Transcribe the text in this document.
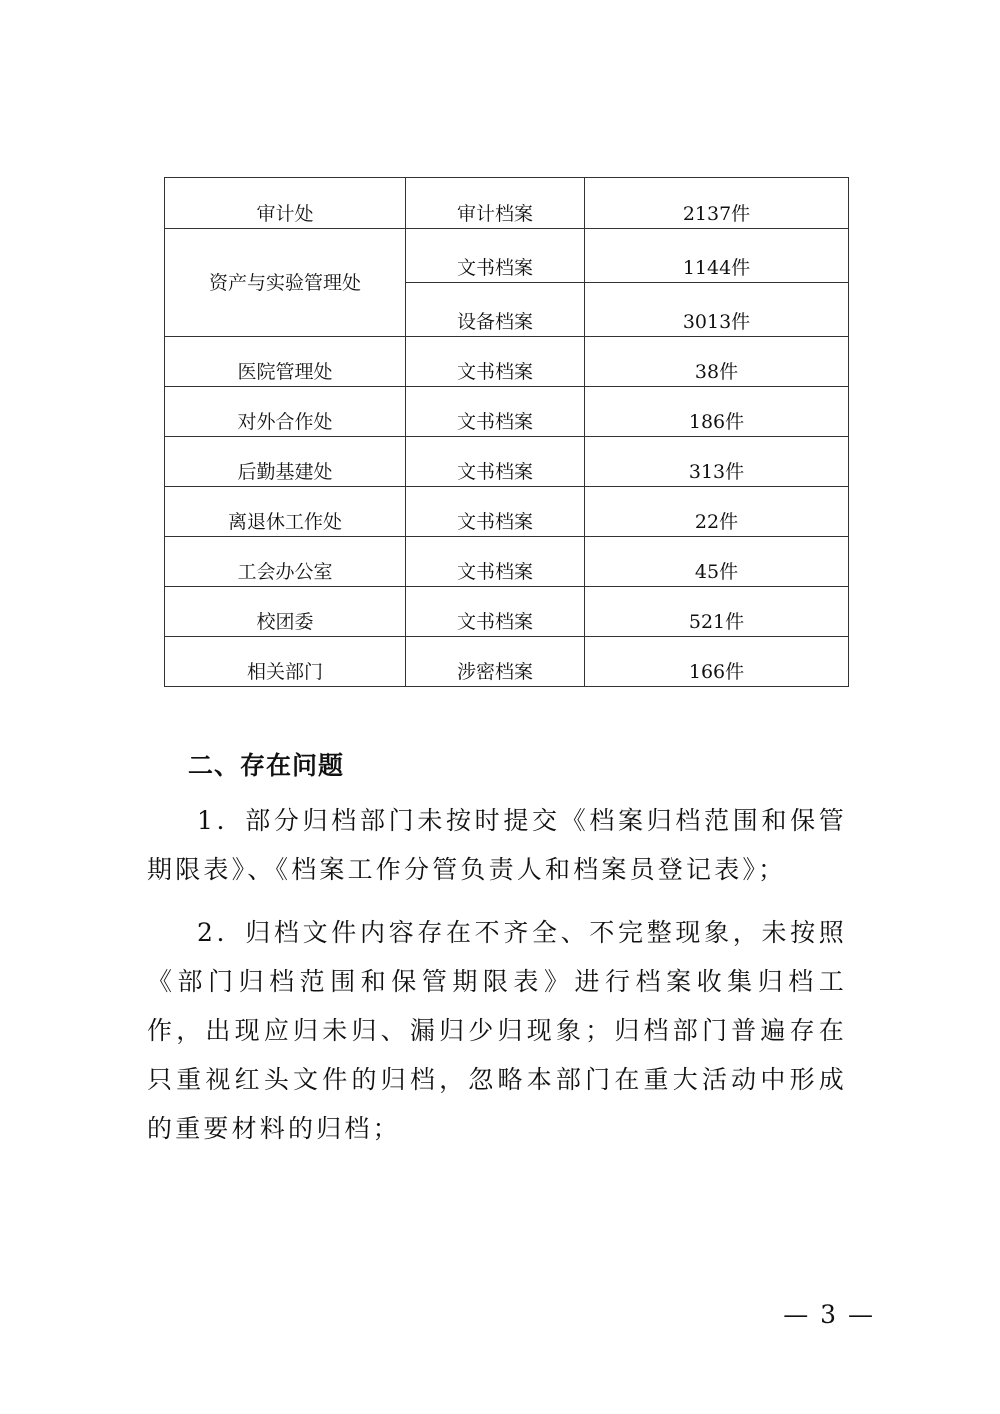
审计处	审计档案	2137件
资产与实验管理处	文书档案	1144件
	设备档案	3013件
医院管理处	文书档案	38件
对外合作处	文书档案	186件
后勤基建处	文书档案	313件
离退休工作处	文书档案	22件
工会办公室	文书档案	45件
校团委	文书档案	521件
相关部门	涉密档案	166件
二、存在问题

1．部分归档部门未按时提交《档案归档范围和保管期限表》、《档案工作分管负责人和档案员登记表》；

2．归档文件内容存在不齐全、不完整现象，未按照《部门归档范围和保管期限表》进行档案收集归档工作，出现应归未归、漏归少归现象；归档部门普遍存在只重视红头文件的归档，忽略本部门在重大活动中形成的重要材料的归档；

— 3 —
